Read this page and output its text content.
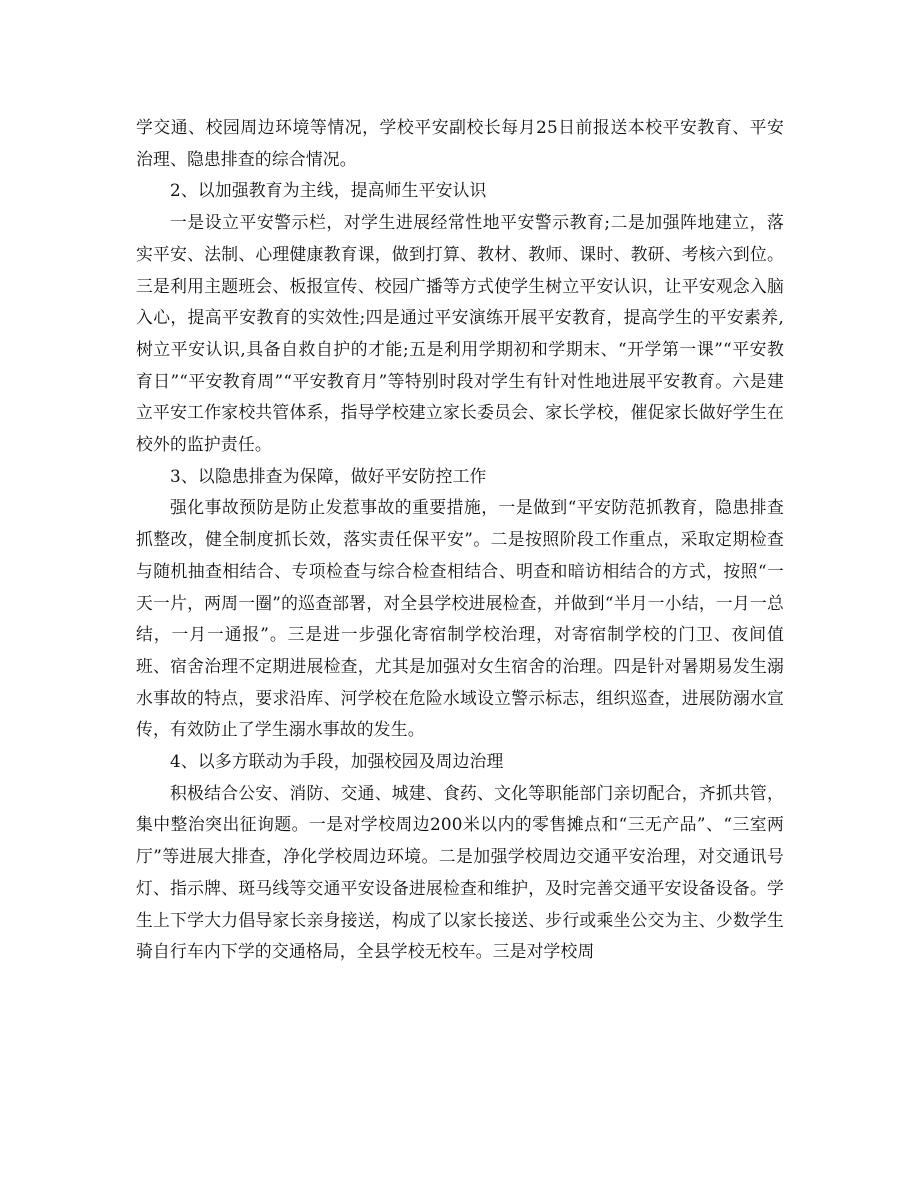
学交通、校园周边环境等情况，学校平安副校长每月25日前报送本校平安教育、平安治理、隐患排查的综合情况。

2、以加强教育为主线，提高师生平安认识

一是设立平安警示栏，对学生进展经常性地平安警示教育;二是加强阵地建立，落实平安、法制、心理健康教育课，做到打算、教材、教师、课时、教研、考核六到位。三是利用主题班会、板报宣传、校园广播等方式使学生树立平安认识，让平安观念入脑入心，提高平安教育的实效性;四是通过平安演练开展平安教育，提高学生的平安素养,树立平安认识,具备自救自护的才能;五是利用学期初和学期末、“开学第一课”“平安教育日”“平安教育周”“平安教育月”等特别时段对学生有针对性地进展平安教育。六是建立平安工作家校共管体系，指导学校建立家长委员会、家长学校，催促家长做好学生在校外的监护责任。

3、以隐患排查为保障，做好平安防控工作

强化事故预防是防止发惹事故的重要措施，一是做到“平安防范抓教育，隐患排查抓整改，健全制度抓长效，落实责任保平安”。二是按照阶段工作重点，采取定期检查与随机抽查相结合、专项检查与综合检查相结合、明查和暗访相结合的方式，按照“一天一片，两周一圈”的巡查部署，对全县学校进展检查，并做到“半月一小结，一月一总结，一月一通报”。三是进一步强化寄宿制学校治理，对寄宿制学校的门卫、夜间值班、宿舍治理不定期进展检查，尤其是加强对女生宿舍的治理。四是针对暑期易发生溺水事故的特点，要求沿库、河学校在危险水域设立警示标志，组织巡查，进展防溺水宣传，有效防止了学生溺水事故的发生。

4、以多方联动为手段，加强校园及周边治理

积极结合公安、消防、交通、城建、食药、文化等职能部门亲切配合，齐抓共管，集中整治突出征询题。一是对学校周边200米以内的零售摊点和“三无产品”、“三室两厅”等进展大排查，净化学校周边环境。二是加强学校周边交通平安治理，对交通讯号灯、指示牌、斑马线等交通平安设备进展检查和维护，及时完善交通平安设备设备。学生上下学大力倡导家长亲身接送，构成了以家长接送、步行或乘坐公交为主、少数学生骑自行车内下学的交通格局，全县学校无校车。三是对学校周
